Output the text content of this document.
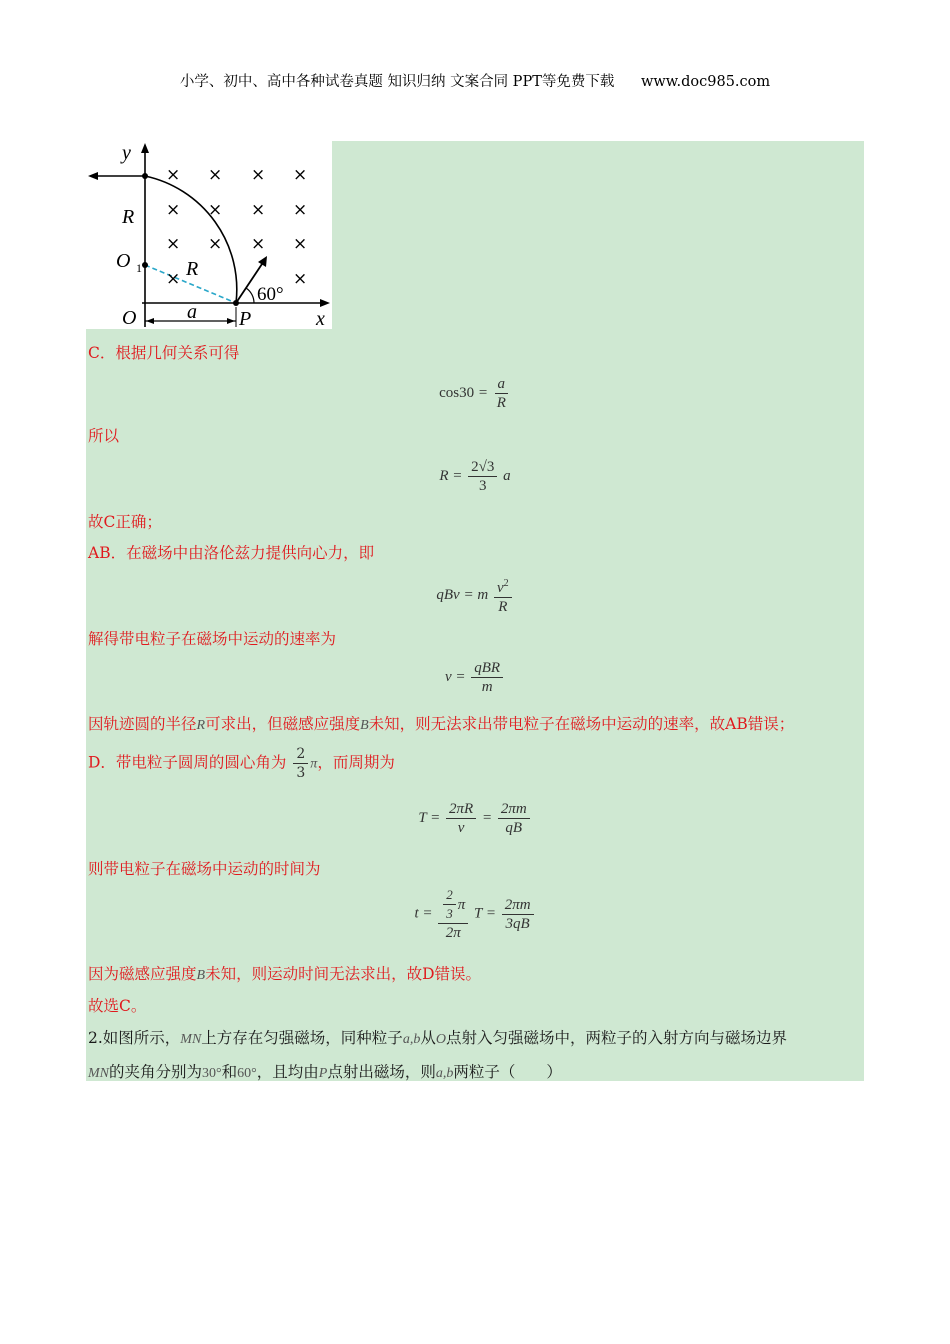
小学、初中、高中各种试卷真题 知识归纳 文案合同 PPT等免费下载 www.doc985.com
× × × ×
× × × ×
× × × ×
×	×
y
R
O	R
O	a P	x
1
60°
C．根据几何关系可得
$\cos 30 = \frac{a}{R}$
所以
$R = \frac{2√3}{3}$ a
故C正确；
AB．在磁场中由洛伦兹力提供向心力，即
qBv = m $\frac{v^2}{R}$
解得带电粒子在磁场中运动的速率为
$v = \frac{\text{qBR}}{m}$
因轨迹圆的半径R可求出，但磁感应强度B未知，则无法求出带电粒子在磁场中运动的速率，故AB错误；
D．带电粒子圆周的圆心角为 $\frac{2}{3}$ π，而周期为
$T = \frac{2\pi R}{v} = \frac{2\pi m}{qB}$
则带电粒子在磁场中运动的时间为
$t = \frac{\frac{2}{3} \pi}{2\pi}$ $T = \frac{2\pi m}{3qB}$
因为磁感应强度B未知，则运动时间无法求出，故D错误。
故选C。
2.如图所示，MN上方存在匀强磁场，同种粒子a,b从O点射入匀强磁场中，两粒子的入射方向与磁场边界
MN的夹角分别为30°和60°，且均由P点射出磁场，则a,b两粒子（　　）
